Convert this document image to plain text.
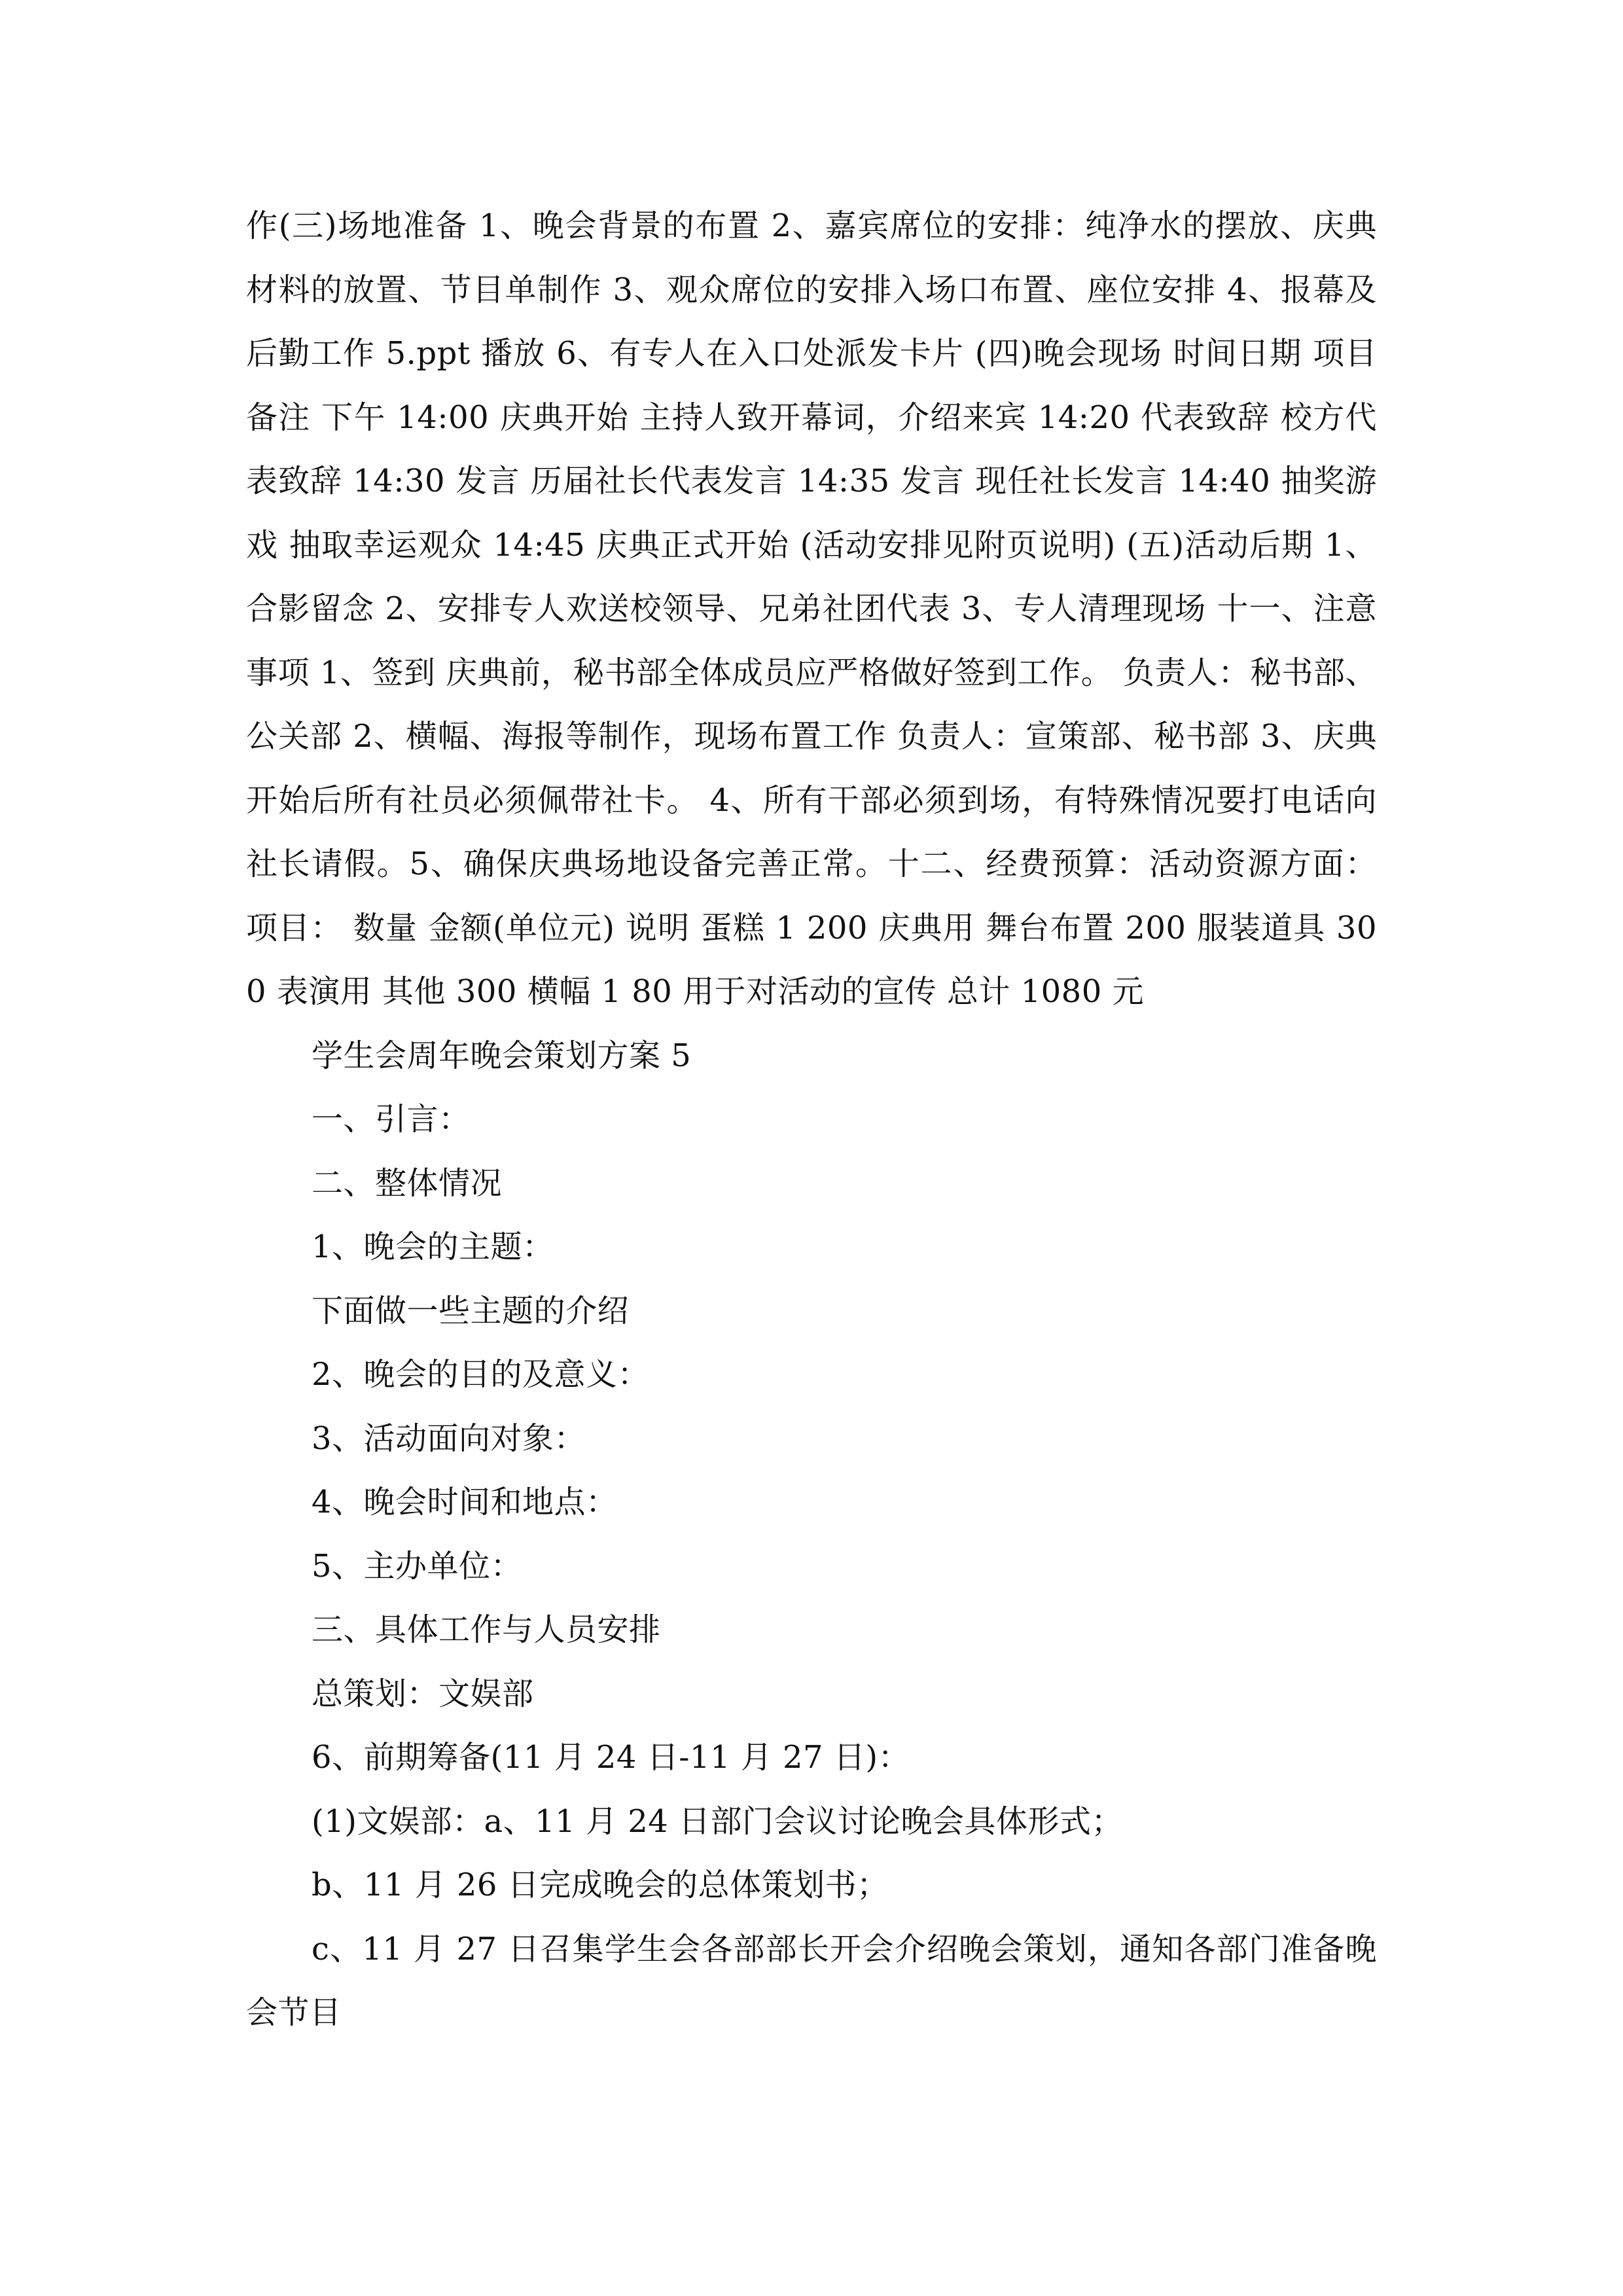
作(三)场地准备 1、晚会背景的布置 2、嘉宾席位的安排：纯净水的摆放、庆典材料的放置、节目单制作 3、观众席位的安排入场口布置、座位安排 4、报幕及后勤工作 5.ppt 播放 6、有专人在入口处派发卡片 (四)晚会现场 时间日期 项目 备注 下午 14:00 庆典开始 主持人致开幕词，介绍来宾 14:20 代表致辞 校方代表致辞 14:30 发言 历届社长代表发言 14:35 发言 现任社长发言 14:40 抽奖游戏 抽取幸运观众 14:45 庆典正式开始 (活动安排见附页说明) (五)活动后期 1、合影留念 2、安排专人欢送校领导、兄弟社团代表 3、专人清理现场 十一、注意事项 1、签到 庆典前，秘书部全体成员应严格做好签到工作。 负责人：秘书部、公关部 2、横幅、海报等制作，现场布置工作 负责人：宣策部、秘书部 3、庆典开始后所有社员必须佩带社卡。 4、所有干部必须到场，有特殊情况要打电话向社长请假。5、确保庆典场地设备完善正常。十二、经费预算：活动资源方面：项目： 数量 金额(单位元) 说明 蛋糕 1 200 庆典用 舞台布置 200 服装道具 300 表演用 其他 300 横幅 1 80 用于对活动的宣传 总计 1080 元

学生会周年晚会策划方案 5

一、引言：

二、整体情况

1、晚会的主题：

下面做一些主题的介绍

2、晚会的目的及意义：

3、活动面向对象：

4、晚会时间和地点：

5、主办单位：

三、具体工作与人员安排

总策划：文娱部

6、前期筹备(11 月 24 日-11 月 27 日)：

(1)文娱部：a、11 月 24 日部门会议讨论晚会具体形式；

b、11 月 26 日完成晚会的总体策划书；

c、11 月 27 日召集学生会各部部长开会介绍晚会策划，通知各部门准备晚会节目
